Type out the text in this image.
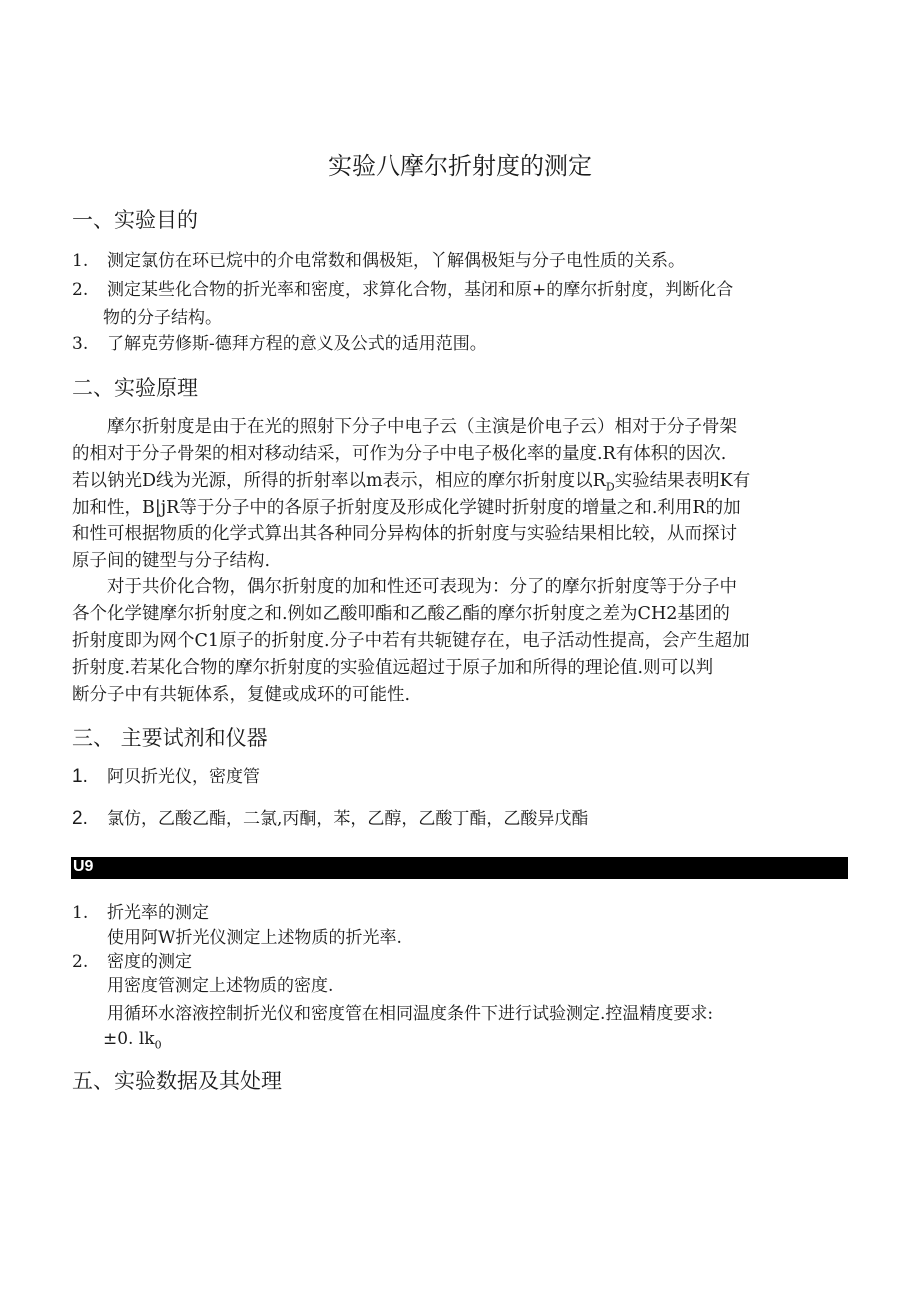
实验八摩尔折射度的测定
一、实验目的
1. 测定氯仿在环已烷中的介电常数和偶极矩，丫解偶极矩与分子电性质的关系。
2. 测定某些化合物的折光率和密度，求算化合物，基闭和原+的摩尔折射度，判断化合
物的分子结构。
3. 了解克劳修斯-德拜方程的意义及公式的适用范围。
二、实验原理
摩尔折射度是由于在光的照射下分子中电子云（主演是价电子云）相对于分子骨架
的相对于分子骨架的相对移动结采，可作为分子中电子极化率的量度.R有体积的因次.
若以钠光D线为光源，所得的折射率以m表示，相应的摩尔折射度以$R_D$实验结果表明K有
加和性，B|jR等于分子中的各原子折射度及形成化学键时折射度的增量之和.利用R的加
和性可根据物质的化学式算出其各种同分异构体的折射度与实验结果相比较，从而探讨
原子间的键型与分子结构.
对于共价化合物，偶尔折射度的加和性还可表现为：分了的摩尔折射度等于分子中
各个化学键摩尔折射度之和.例如乙酸叩酯和乙酸乙酯的摩尔折射度之差为CH2基团的
折射度即为网个C1原子的折射度.分子中若有共轭键存在，电子活动性提高，会产生超加
折射度.若某化合物的摩尔折射度的实验值远超过于原子加和所得的理论值.则可以判
断分子中有共轭体系，复健或成环的可能性.
三、 主要试剂和仪器
1. 阿贝折光仪，密度管
2. 氯仿，乙酸乙酯，二氯,丙酮，苯，乙醇，乙酸丁酯，乙酸异戊酯
U9
1. 折光率的测定
使用阿W折光仪测定上述物质的折光率.
2. 密度的测定
用密度管测定上述物质的密度.
用循环水溶液控制折光仪和密度管在相同温度条件下进行试验测定.控温精度要求:
±0. $lk_0$
五、实验数据及其处理
